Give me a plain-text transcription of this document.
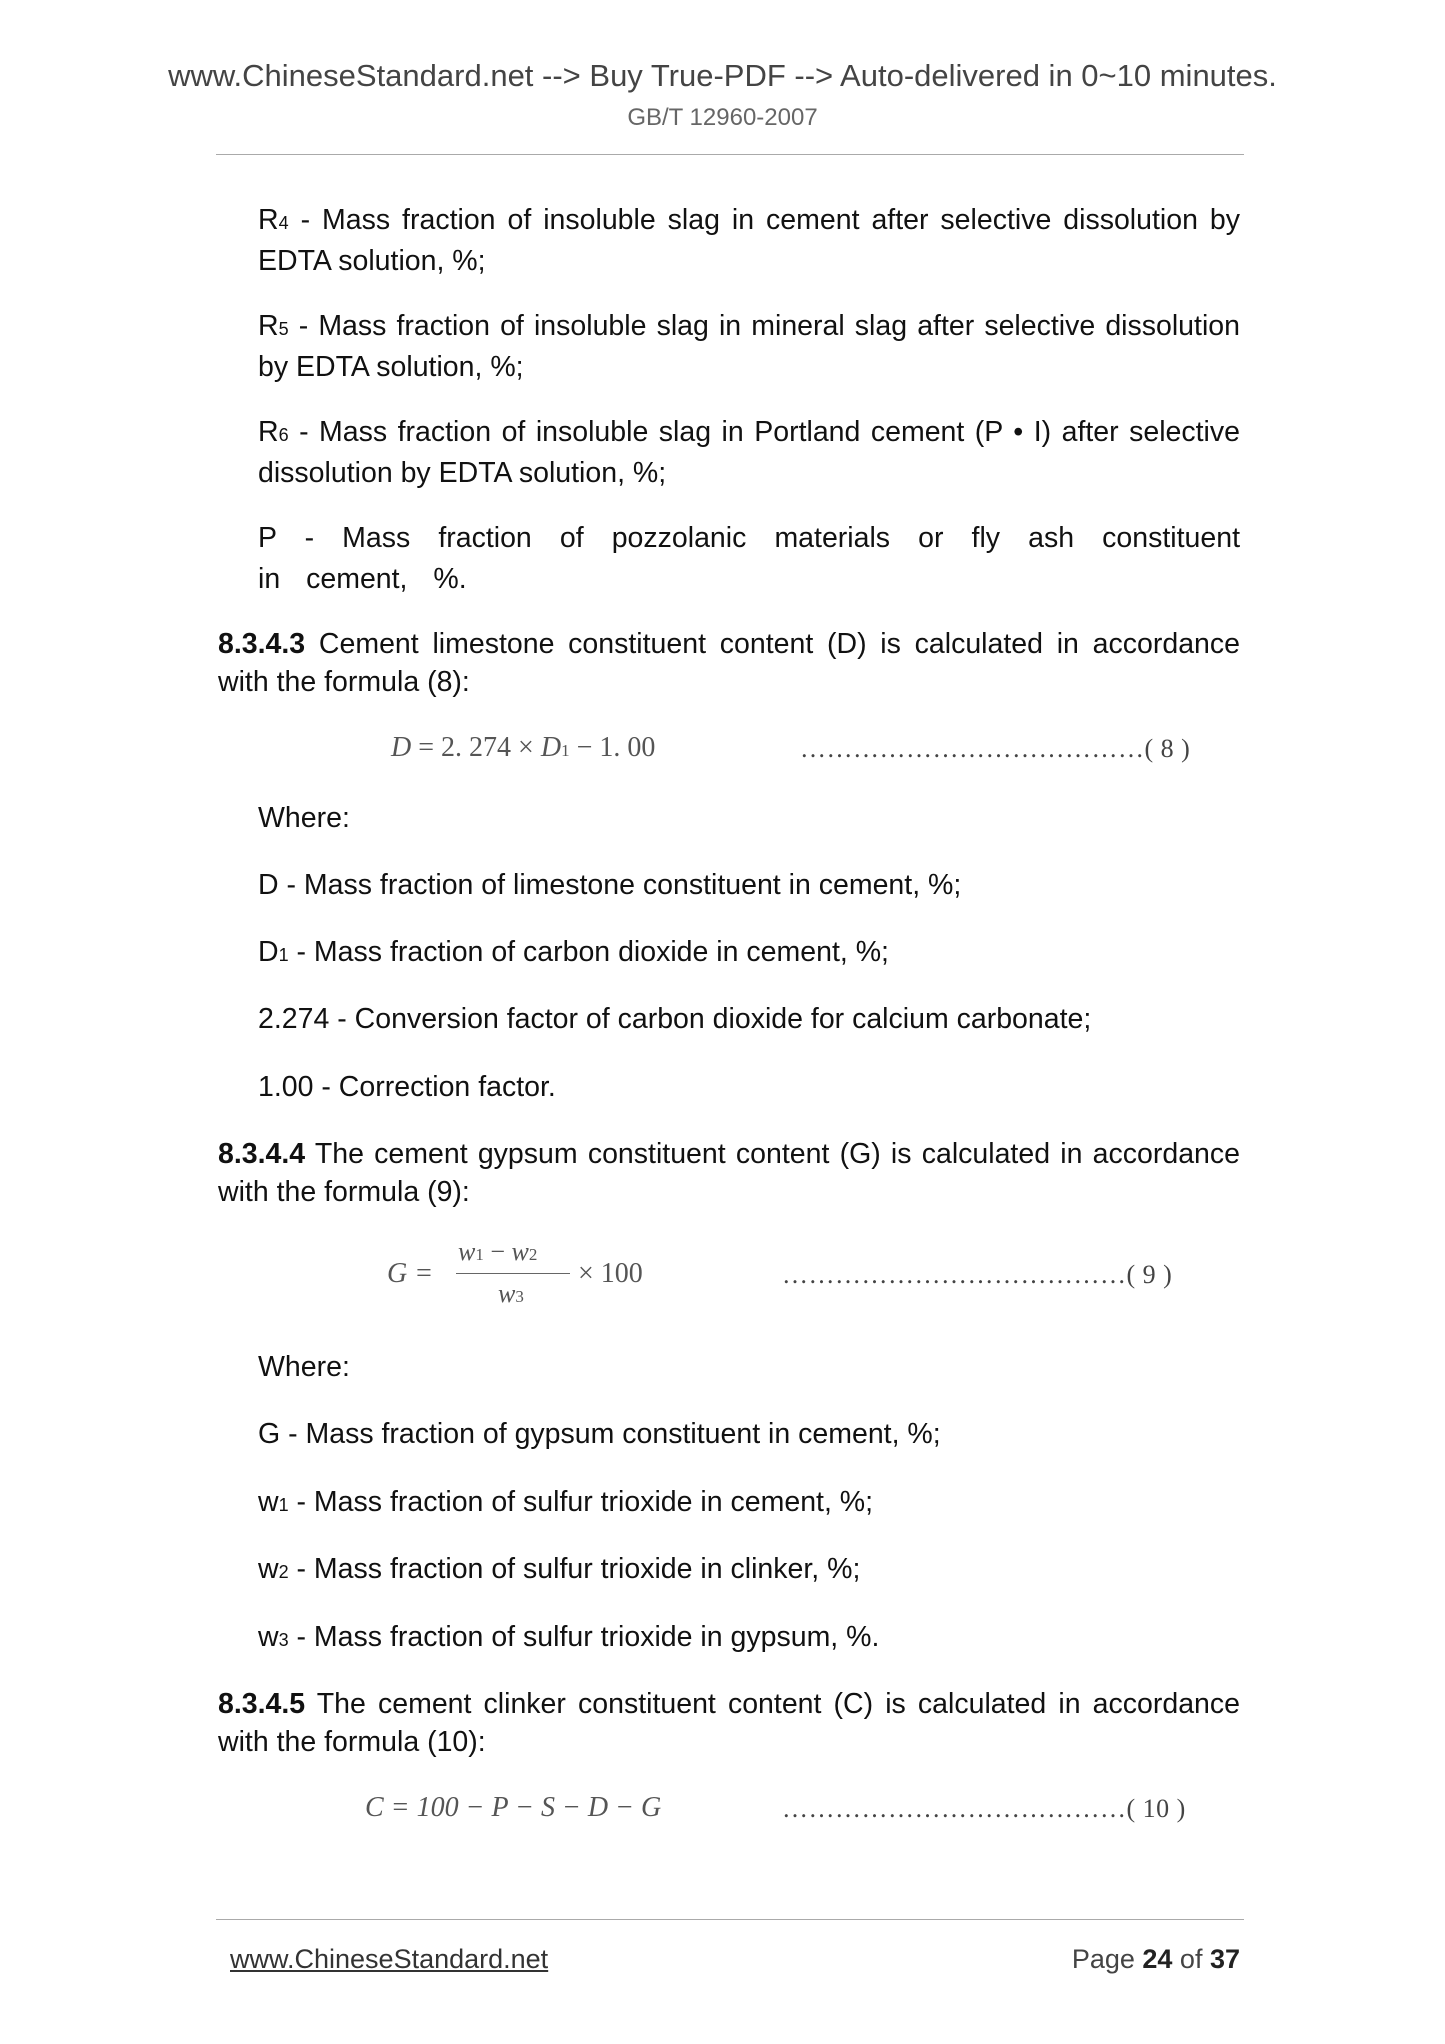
www.ChineseStandard.net --> Buy True-PDF --> Auto-delivered in 0~10 minutes.
GB/T 12960-2007
R4 - Mass fraction of insoluble slag in cement after selective dissolution by EDTA solution, %;
R5 - Mass fraction of insoluble slag in mineral slag after selective dissolution by EDTA solution, %;
R6 - Mass fraction of insoluble slag in Portland cement (P • I) after selective dissolution by EDTA solution, %;
P - Mass fraction of pozzolanic materials or fly ash constituent in cement, %.
8.3.4.3 Cement limestone constituent content (D) is calculated in accordance with the formula (8):
D = 2. 274 × D1 − 1. 00	…………………………………( 8 )
Where:
D - Mass fraction of limestone constituent in cement, %;
D1 - Mass fraction of carbon dioxide in cement, %;
2.274 - Conversion factor of carbon dioxide for calcium carbonate;
1.00 - Correction factor.
8.3.4.4 The cement gypsum constituent content (G) is calculated in accordance with the formula (9):
G =
w1 − w2
w3
× 100	…………………………………( 9 )
Where:
G - Mass fraction of gypsum constituent in cement, %;
w1 - Mass fraction of sulfur trioxide in cement, %;
w2 - Mass fraction of sulfur trioxide in clinker, %;
w3 - Mass fraction of sulfur trioxide in gypsum, %.
8.3.4.5 The cement clinker constituent content (C) is calculated in accordance with the formula (10):
C = 100 − P − S − D − G	…………………………………( 10 )
www.ChineseStandard.net	Page 24 of 37
